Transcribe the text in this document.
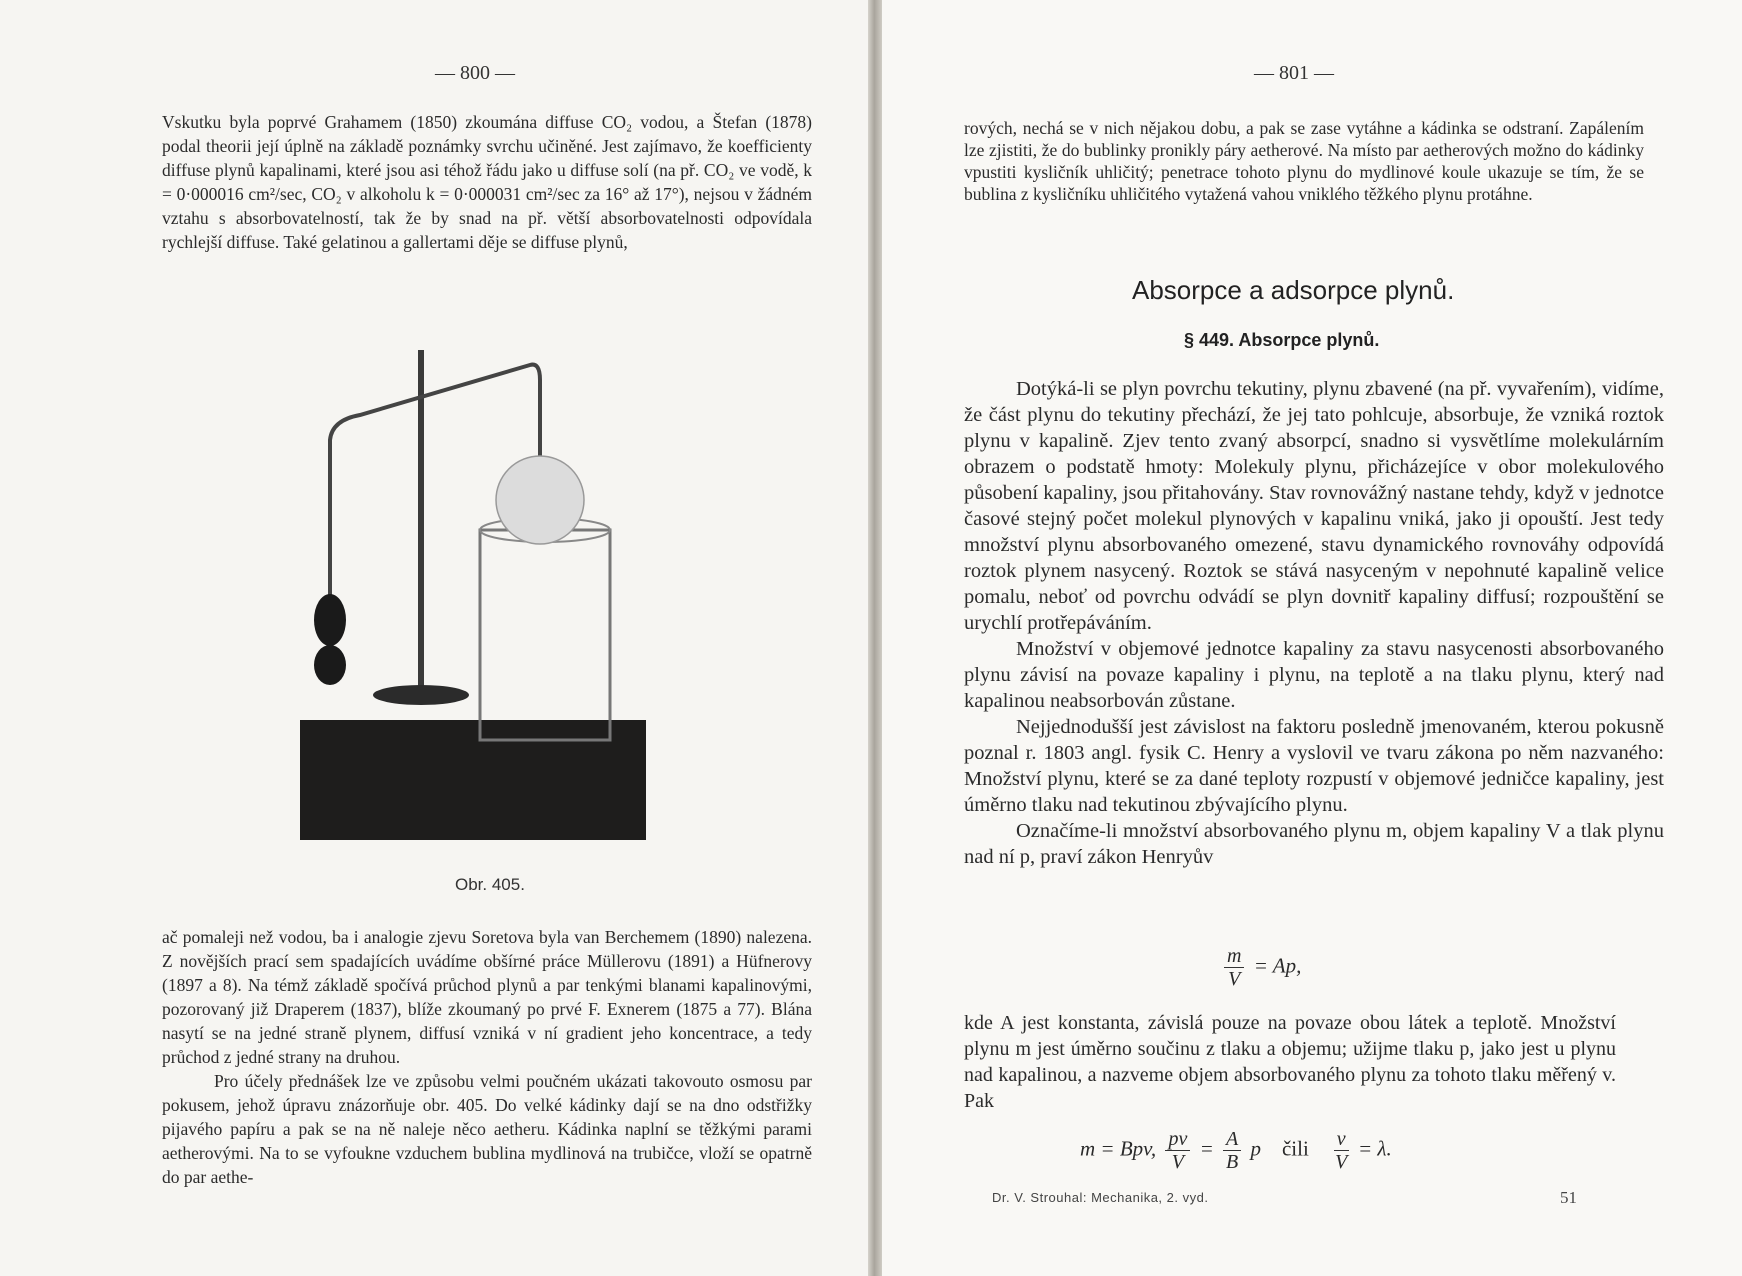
— 800 —
Vskutku byla poprvé Grahamem (1850) zkoumána diffuse CO₂ vodou, a Štefan (1878) podal theorii její úplně na základě poznámky svrchu učiněné. Jest zajímavo, že koefficienty diffuse plynů kapalinami, které jsou asi téhož řádu jako u diffuse solí (na př. CO₂ ve vodě, k = 0·000016 cm²/sec, CO₂ v alkoholu k = 0·000031 cm²/sec za 16° až 17°), nejsou v žádném vztahu s absorbovatelností, tak že by snad na př. větší absorbovatelnosti odpovídala rychlejší diffuse. Také gelatinou a gallertami děje se diffuse plynů,
Obr. 405.
ač pomaleji než vodou, ba i analogie zjevu Soretova byla van Berchemem (1890) nalezena. Z novějších prací sem spadajících uvádíme obšírné práce Müllerovu (1891) a Hüfnerovy (1897 a 8). Na témž základě spočívá průchod plynů a par tenkými blanami kapalinovými, pozorovaný již Draperem (1837), blíže zkoumaný po prvé F. Exnerem (1875 a 77). Blána nasytí se na jedné straně plynem, diffusí vzniká v ní gradient jeho koncentrace, a tedy průchod z jedné strany na druhou.
Pro účely přednášek lze ve způsobu velmi poučném ukázati takovouto osmosu par pokusem, jehož úpravu znázorňuje obr. 405. Do velké kádinky dají se na dno odstřižky pijavého papíru a pak se na ně naleje něco aetheru. Kádinka naplní se těžkými parami aetherovými. Na to se vyfoukne vzduchem bublina mydlinová na trubičce, vloží se opatrně do par aethe-
— 801 —
rových, nechá se v nich nějakou dobu, a pak se zase vytáhne a kádinka se odstraní. Zapálením lze zjistiti, že do bublinky pronikly páry aetherové. Na místo par aetherových možno do kádinky vpustiti kysličník uhličitý; penetrace tohoto plynu do mydlinové koule ukazuje se tím, že se bublina z kysličníku uhličitého vytažená vahou vniklého těžkého plynu protáhne.
Absorpce a adsorpce plynů.
§ 449. Absorpce plynů.

Dotýká-li se plyn povrchu tekutiny, plynu zbavené (na př. vyvařením), vidíme, že část plynu do tekutiny přechází, že jej tato pohlcuje, absorbuje, že vzniká roztok plynu v kapalině. Zjev tento zvaný absorpcí, snadno si vysvětlíme molekulárním obrazem o podstatě hmoty: Molekuly plynu, přicházejíce v obor molekulového působení kapaliny, jsou přitahovány. Stav rovnovážný nastane tehdy, když v jednotce časové stejný počet molekul plynových v kapalinu vniká, jako ji opouští. Jest tedy množství plynu absorbovaného omezené, stavu dynamického rovnováhy odpovídá roztok plynem nasycený. Roztok se stává nasyceným v nepohnuté kapalině velice pomalu, neboť od povrchu odvádí se plyn dovnitř kapaliny diffusí; rozpouštění se urychlí protřepáváním.

Množství v objemové jednotce kapaliny za stavu nasycenosti absorbovaného plynu závisí na povaze kapaliny i plynu, na teplotě a na tlaku plynu, který nad kapalinou neabsorbován zůstane.

Nejjednodušší jest závislost na faktoru posledně jmenovaném, kterou pokusně poznal r. 1803 angl. fysik C. Henry a vyslovil ve tvaru zákona po něm nazvaného: Množství plynu, které se za dané teploty rozpustí v objemové jedničce kapaliny, jest úměrno tlaku nad tekutinou zbývajícího plynu.

Označíme-li množství absorbovaného plynu m, objem kapaliny V a tlak plynu nad ní p, praví zákon Henryův

$\frac{m}{V} = Ap$,
kde A jest konstanta, závislá pouze na povaze obou látek a teplotě. Množství plynu m jest úměrno součinu z tlaku a objemu; užijme tlaku p, jako jest u plynu nad kapalinou, a nazveme objem absorbovaného plynu za tohoto tlaku měřený v. Pak
m = Bpv, $\frac{pv}{V} = \frac{A}{B}$ p čili $\frac{v}{V} = \lambda$.
Dr. V. Strouhal: Mechanika, 2. vyd.	51
